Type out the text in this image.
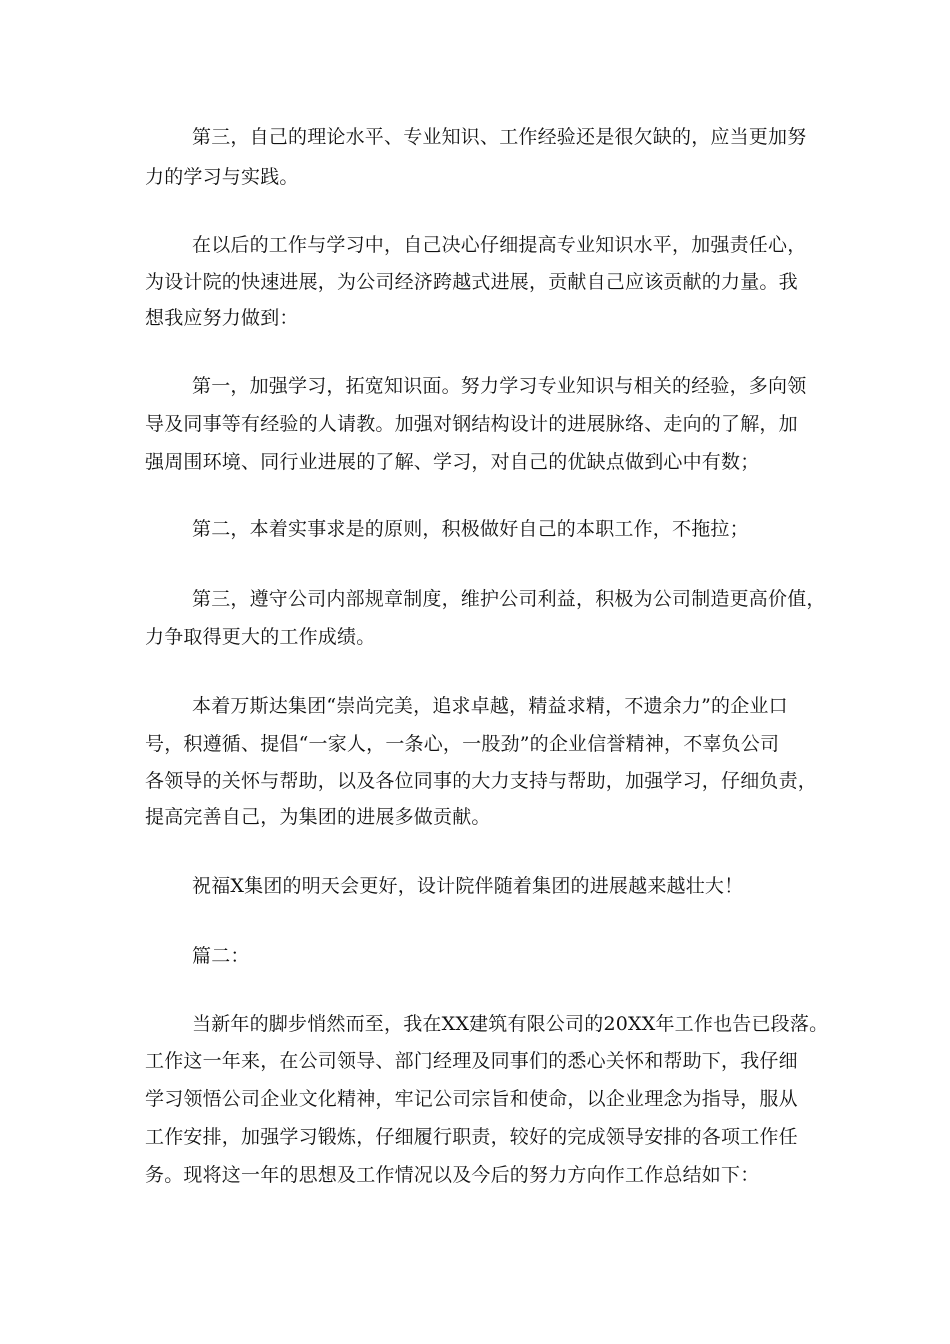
第三，自己的理论水平、专业知识、工作经验还是很欠缺的，应当更加努
力的学习与实践。
在以后的工作与学习中，自己决心仔细提高专业知识水平，加强责任心，
为设计院的快速进展，为公司经济跨越式进展，贡献自己应该贡献的力量。我
想我应努力做到：
第一，加强学习，拓宽知识面。努力学习专业知识与相关的经验，多向领
导及同事等有经验的人请教。加强对钢结构设计的进展脉络、走向的了解，加
强周围环境、同行业进展的了解、学习，对自己的优缺点做到心中有数；
第二，本着实事求是的原则，积极做好自己的本职工作，不拖拉；
第三，遵守公司内部规章制度，维护公司利益，积极为公司制造更高价值，
力争取得更大的工作成绩。
本着万斯达集团“崇尚完美，追求卓越，精益求精，不遗余力”的企业口
号，积遵循、提倡“一家人，一条心，一股劲”的企业信誉精神，不辜负公司
各领导的关怀与帮助，以及各位同事的大力支持与帮助，加强学习，仔细负责，
提高完善自己，为集团的进展多做贡献。
祝福X集团的明天会更好，设计院伴随着集团的进展越来越壮大！
篇二：
当新年的脚步悄然而至，我在XX建筑有限公司的20XX年工作也告已段落。
工作这一年来，在公司领导、部门经理及同事们的悉心关怀和帮助下，我仔细
学习领悟公司企业文化精神，牢记公司宗旨和使命，以企业理念为指导，服从
工作安排，加强学习锻炼，仔细履行职责，较好的完成领导安排的各项工作任
务。现将这一年的思想及工作情况以及今后的努力方向作工作总结如下：
